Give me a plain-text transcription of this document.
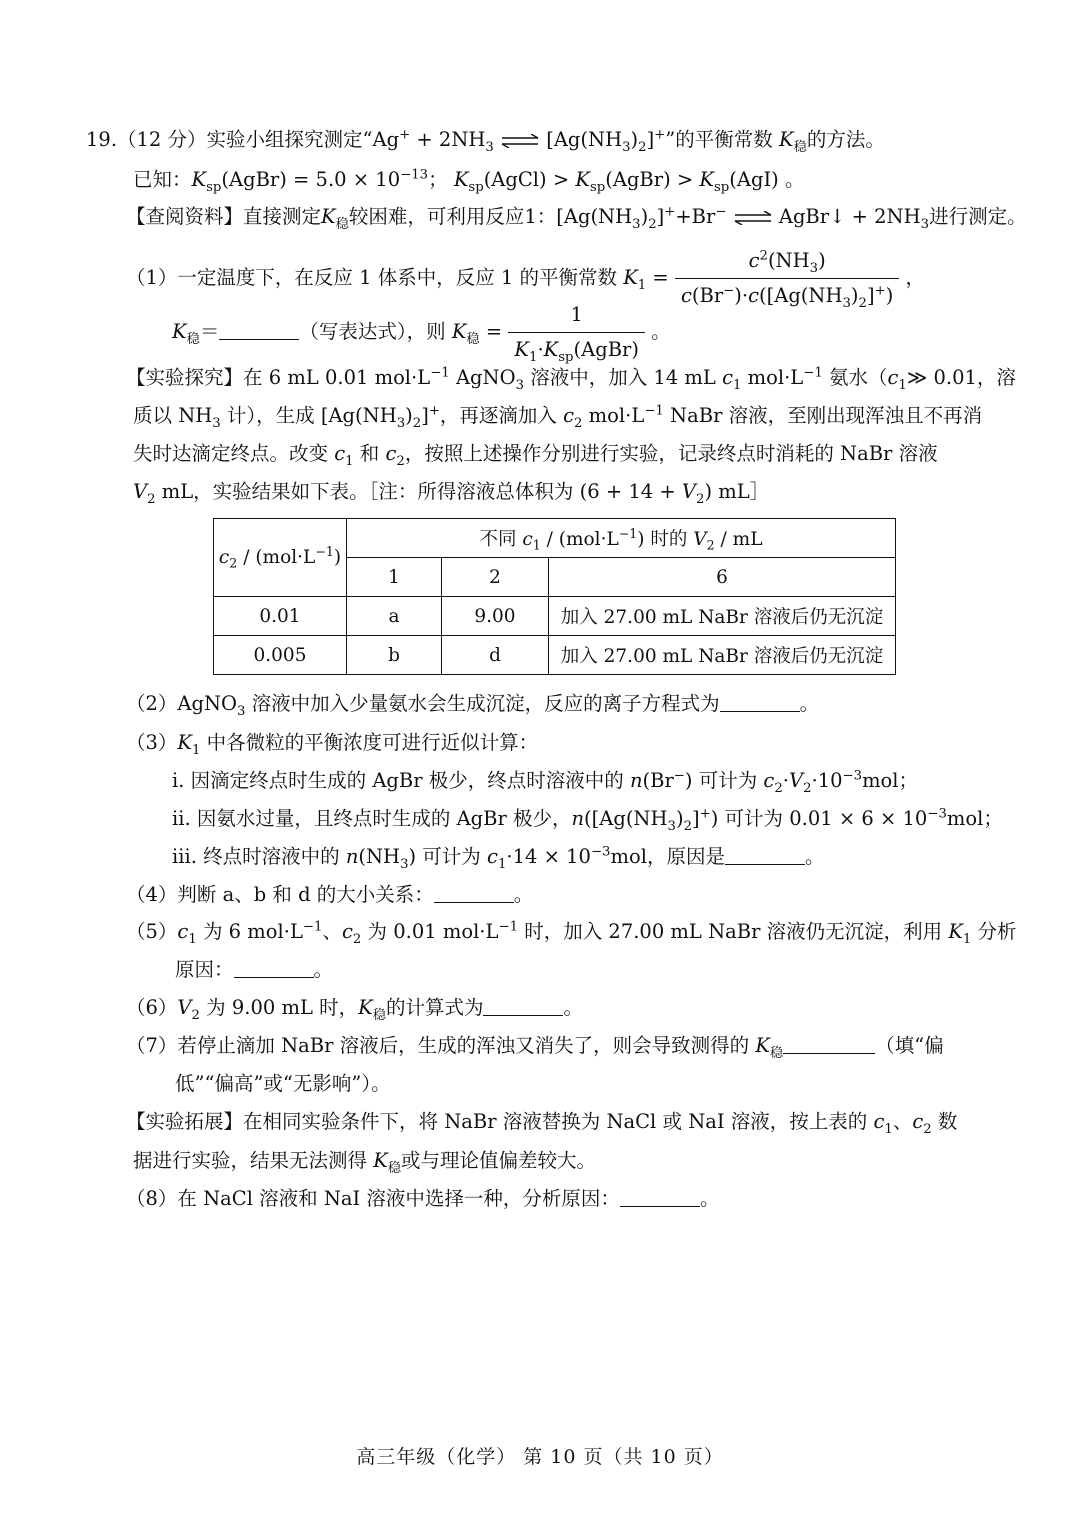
19.（12 分）实验小组探究测定“$Ag^+ + 2NH_3$ ⇌ $[Ag(NH_3)_2]^+$”的平衡常数 $K_稳$的方法。
已知：$K_{sp}(AgBr) = 5.0 \times 10^{-13}$； $K_{sp}(AgCl)$ > $K_{sp}(AgBr) > K_{sp}(AgI)$ 。
【查阅资料】直接测定$K_稳$较困难，可利用反应1：$[Ag(NH_3)_2]^++Br^-$ ⇌ AgBr↓ + $2NH_3$进行测定。
（1）一定温度下，在反应 1 体系中，反应 1 的平衡常数 $K_1 = \frac{c^2(NH_3)}{c(Br^-)\cdot c([Ag(NH_3)_2]^+)}$ ，
$K_稳=$	（写表达式），则 $K_稳 = \frac{1}{K_1\cdot K_{sp}(AgBr)}$ 。
【实验探究】在 6 mL 0.01 $mol\cdot L^{-1}$ AgNO$_3$ 溶液中，加入 14 mL $c_1$ $mol\cdot L^{-1}$ 氨水（$c_1≫$ 0.01，溶
质以 $NH_3$ 计），生成 $[Ag(NH_3)_2]^+$，再逐滴加入 $c_2$ $mol\cdot L^{-1}$ NaBr 溶液，至刚出现浑浊且不再消
失时达滴定终点。改变 $c_1$ 和 $c_2$，按照上述操作分别进行实验，记录终点时消耗的 NaBr 溶液
$V_2$ mL，实验结果如下表。［注：所得溶液总体积为 $(6 + 14 + V_2)$ mL］
$c_2 / (mol\cdot L^{-1})$	不同 $c_1 / (mol\cdot L^{-1})$ 时的 $V_2$ / mL		
	1	2	6
0.01	a	9.00	加入 27.00 mL NaBr 溶液后仍无沉淀
0.005	b	d	加入 27.00 mL NaBr 溶液后仍无沉淀
（2）AgNO$_3$ 溶液中加入少量氨水会生成沉淀，反应的离子方程式为	。
$(3)K_1$ 中各微粒的平衡浓度可进行近似计算：
i. 因滴定终点时生成的 AgBr 极少，终点时溶液中的 n(Br−) 可计为 $c_2\cdot V_2\cdot 10^{-3}mol$；
ii. 因氨水过量，且终点时生成的 AgBr 极少，$n([Ag(NH_3)_2]^+)$ 可计为 $0.01 \times 6 \times 10^{-3}mol$；
iii. 终点时溶液中的 $n(NH_3)$ 可计为 $c_1\cdot 14 \times 10^{-3}mol$，原因是	。
（4）判断 a、b 和 d 的大小关系：	。
$(5)c_1$ 为 6 $mol\cdot L^{-1}$、$c_2$ 为 0.01 $mol\cdot L^{-1}$ 时，加入 27.00 mL NaBr 溶液仍无沉淀，利用 $K_1$ 分析
原因：	。
$(6)V_2$ 为 9.00 mL 时，$K_稳$的计算式为	。
（7）若停止滴加 NaBr 溶液后，生成的浑浊又消失了，则会导致测得的 $K_稳$	（填“偏
低”“偏高”或“无影响”）。
【实验拓展】在相同实验条件下，将 NaBr 溶液替换为 NaCl 或 NaI 溶液，按上表的 $c_1$、$c_2$ 数
据进行实验，结果无法测得 $K_稳$或与理论值偏差较大。
（8）在 NaCl 溶液和 NaI 溶液中选择一种，分析原因：	。
高三年级（化学） 第 10 页（共 10 页）
